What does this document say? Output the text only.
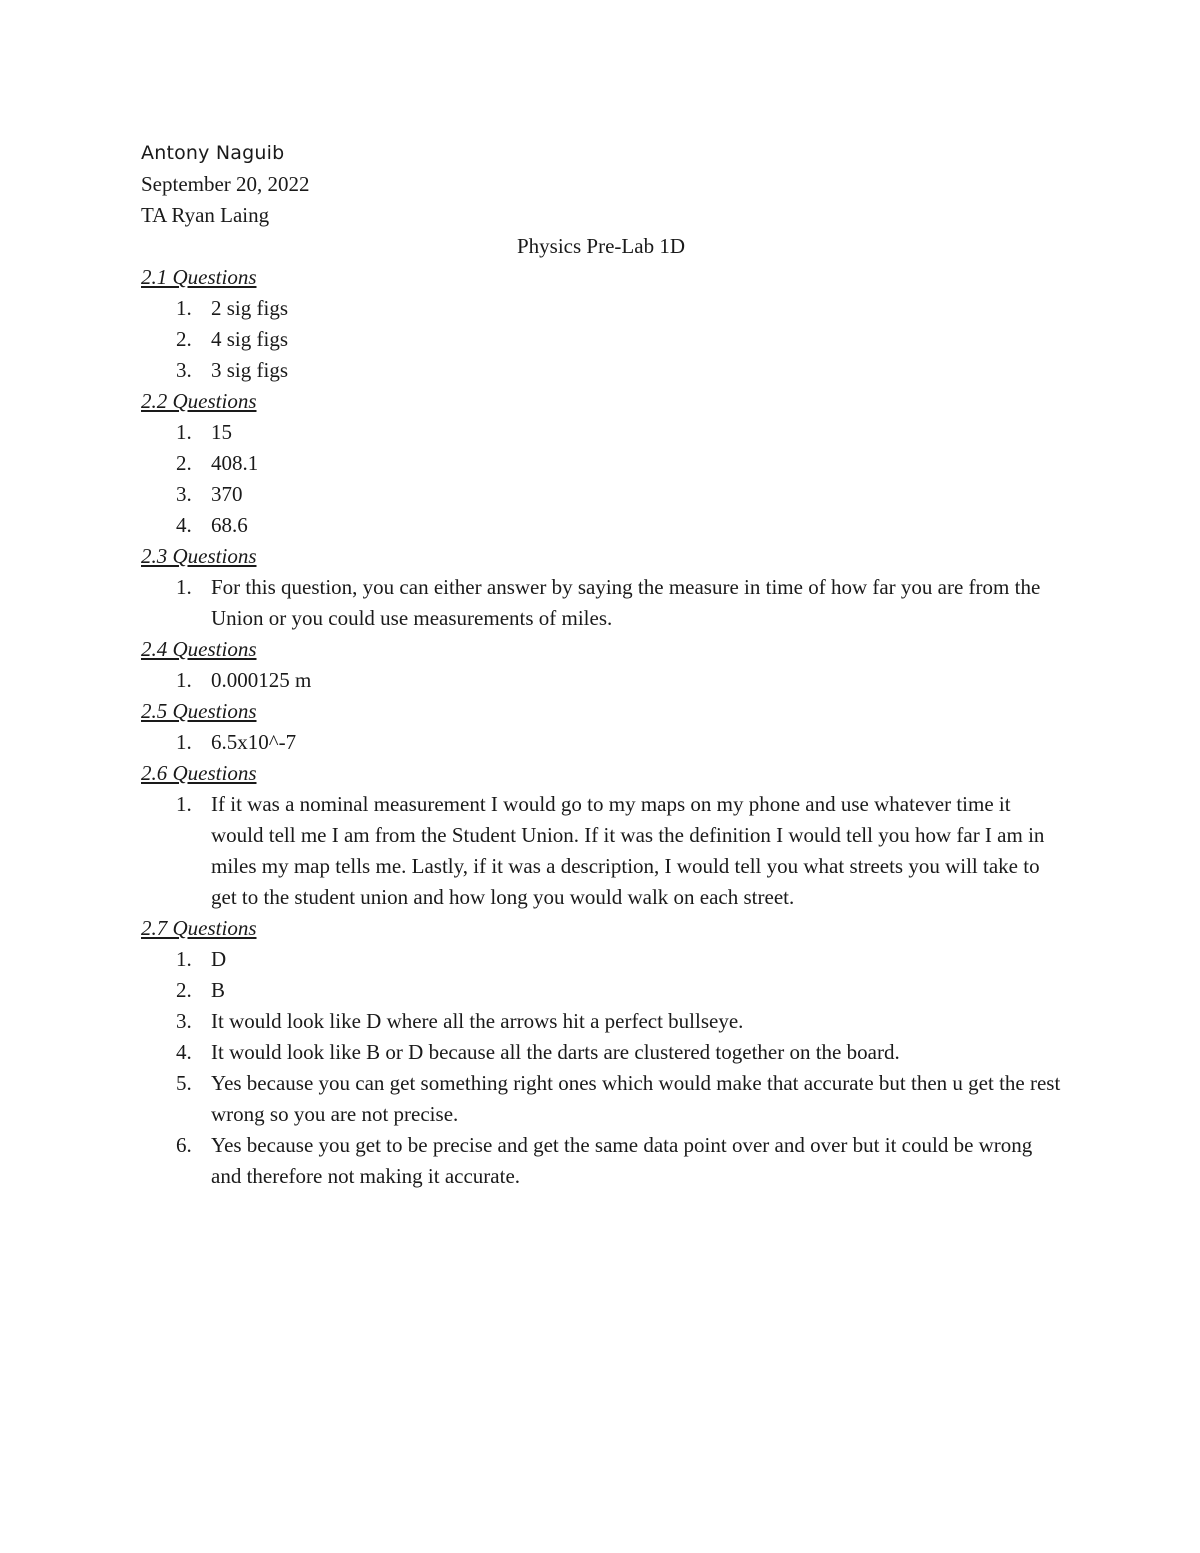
Antony Naguib
September 20, 2022
TA Ryan Laing
Physics Pre-Lab 1D
2.1 Questions
1. 2 sig figs
2. 4 sig figs
3. 3 sig figs
2.2 Questions
1. 15
2. 408.1
3. 370
4. 68.6
2.3 Questions
1. For this question, you can either answer by saying the measure in time of how far you are from the Union or you could use measurements of miles.
2.4 Questions
1. 0.000125 m
2.5 Questions
1. 6.5x10^-7
2.6 Questions
1. If it was a nominal measurement I would go to my maps on my phone and use whatever time it would tell me I am from the Student Union. If it was the definition I would tell you how far I am in miles my map tells me. Lastly, if it was a description, I would tell you what streets you will take to get to the student union and how long you would walk on each street.
2.7 Questions
1. D
2. B
3. It would look like D where all the arrows hit a perfect bullseye.
4. It would look like B or D because all the darts are clustered together on the board.
5. Yes because you can get something right ones which would make that accurate but then u get the rest wrong so you are not precise.
6. Yes because you get to be precise and get the same data point over and over but it could be wrong and therefore not making it accurate.
